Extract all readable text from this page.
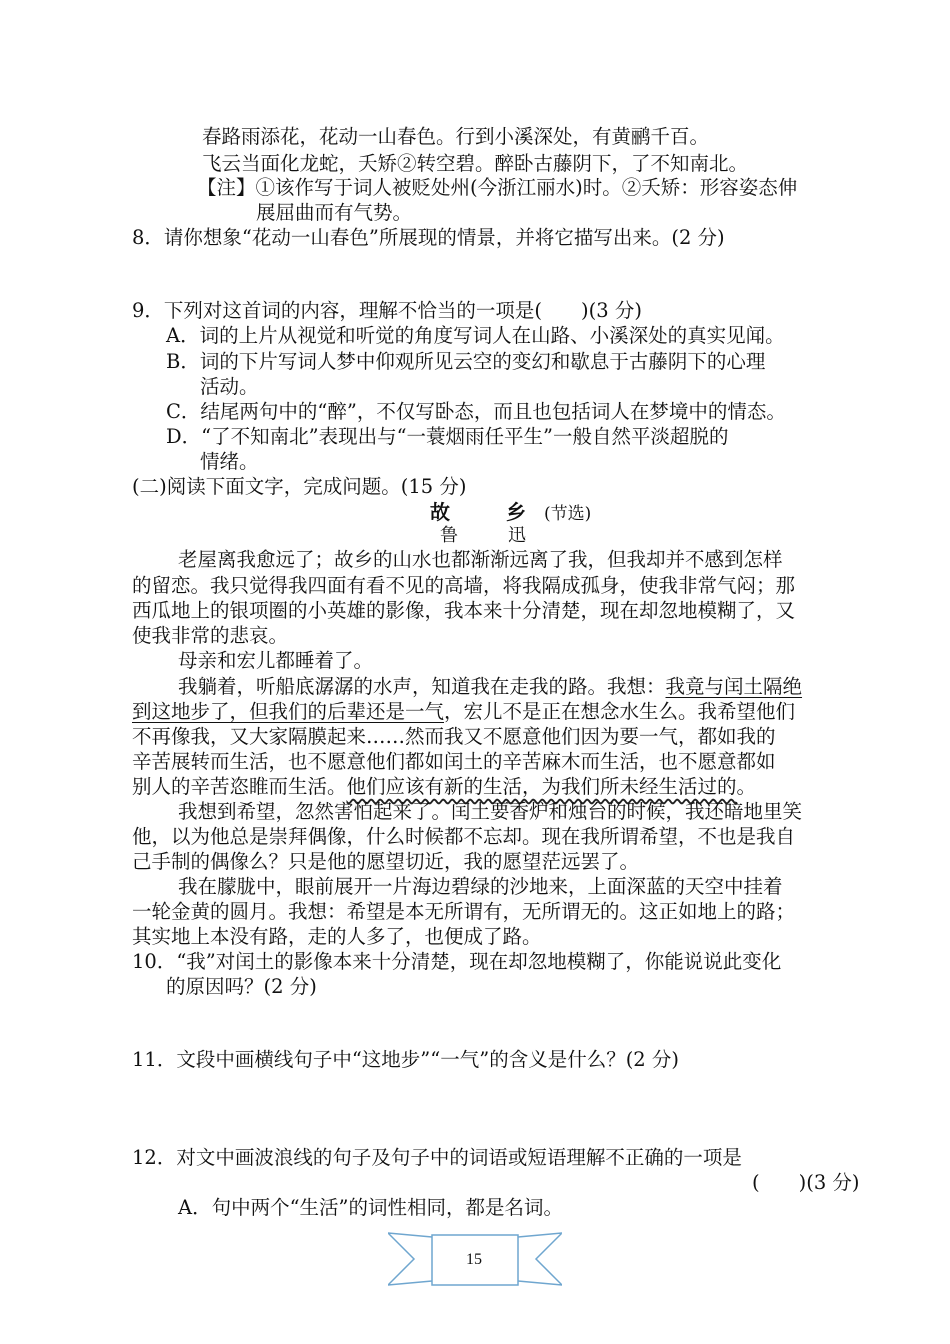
春路雨添花，花动一山春色。行到小溪深处，有黄鹂千百。
飞云当面化龙蛇，夭矫②转空碧。醉卧古藤阴下，了不知南北。
【注】①该作写于词人被贬处州(今浙江丽水)时。②夭矫：形容姿态伸
展屈曲而有气势。
8．请你想象“花动一山春色”所展现的情景，并将它描写出来。(2 分)
9．下列对这首词的内容，理解不恰当的一项是(　　)(3 分)
A．词的上片从视觉和听觉的角度写词人在山路、小溪深处的真实见闻。
B．词的下片写词人梦中仰观所见云空的变幻和歇息于古藤阴下的心理
活动。
C．结尾两句中的“醉”，不仅写卧态，而且也包括词人在梦境中的情态。
D．“了不知南北”表现出与“一蓑烟雨任平生”一般自然平淡超脱的
情绪。
(二)阅读下面文字，完成问题。(15 分)
故　乡(节选)
鲁　迅
老屋离我愈远了；故乡的山水也都渐渐远离了我，但我却并不感到怎样
的留恋。我只觉得我四面有看不见的高墙，将我隔成孤身，使我非常气闷；那
西瓜地上的银项圈的小英雄的影像，我本来十分清楚，现在却忽地模糊了，又
使我非常的悲哀。
母亲和宏儿都睡着了。
我躺着，听船底潺潺的水声，知道我在走我的路。我想：我竟与闰土隔绝
到这地步了，但我们的后辈还是一气，宏儿不是正在想念水生么。我希望他们
不再像我，又大家隔膜起来……然而我又不愿意他们因为要一气，都如我的
辛苦展转而生活，也不愿意他们都如闰土的辛苦麻木而生活，也不愿意都如
别人的辛苦恣睢而生活。他们应该有新的生活，为我们所未经生活过的。
我想到希望，忽然害怕起来了。闰土要香炉和烛台的时候，我还暗地里笑
他，以为他总是崇拜偶像，什么时候都不忘却。现在我所谓希望，不也是我自
己手制的偶像么？只是他的愿望切近，我的愿望茫远罢了。
我在朦胧中，眼前展开一片海边碧绿的沙地来，上面深蓝的天空中挂着
一轮金黄的圆月。我想：希望是本无所谓有，无所谓无的。这正如地上的路；
其实地上本没有路，走的人多了，也便成了路。
10．“我”对闰土的影像本来十分清楚，现在却忽地模糊了，你能说说此变化
的原因吗？(2 分)
11．文段中画横线句子中“这地步”“一气”的含义是什么？(2 分)
12．对文中画波浪线的句子及句子中的词语或短语理解不正确的一项是
(　　)(3 分)
A．句中两个“生活”的词性相同，都是名词。
15
